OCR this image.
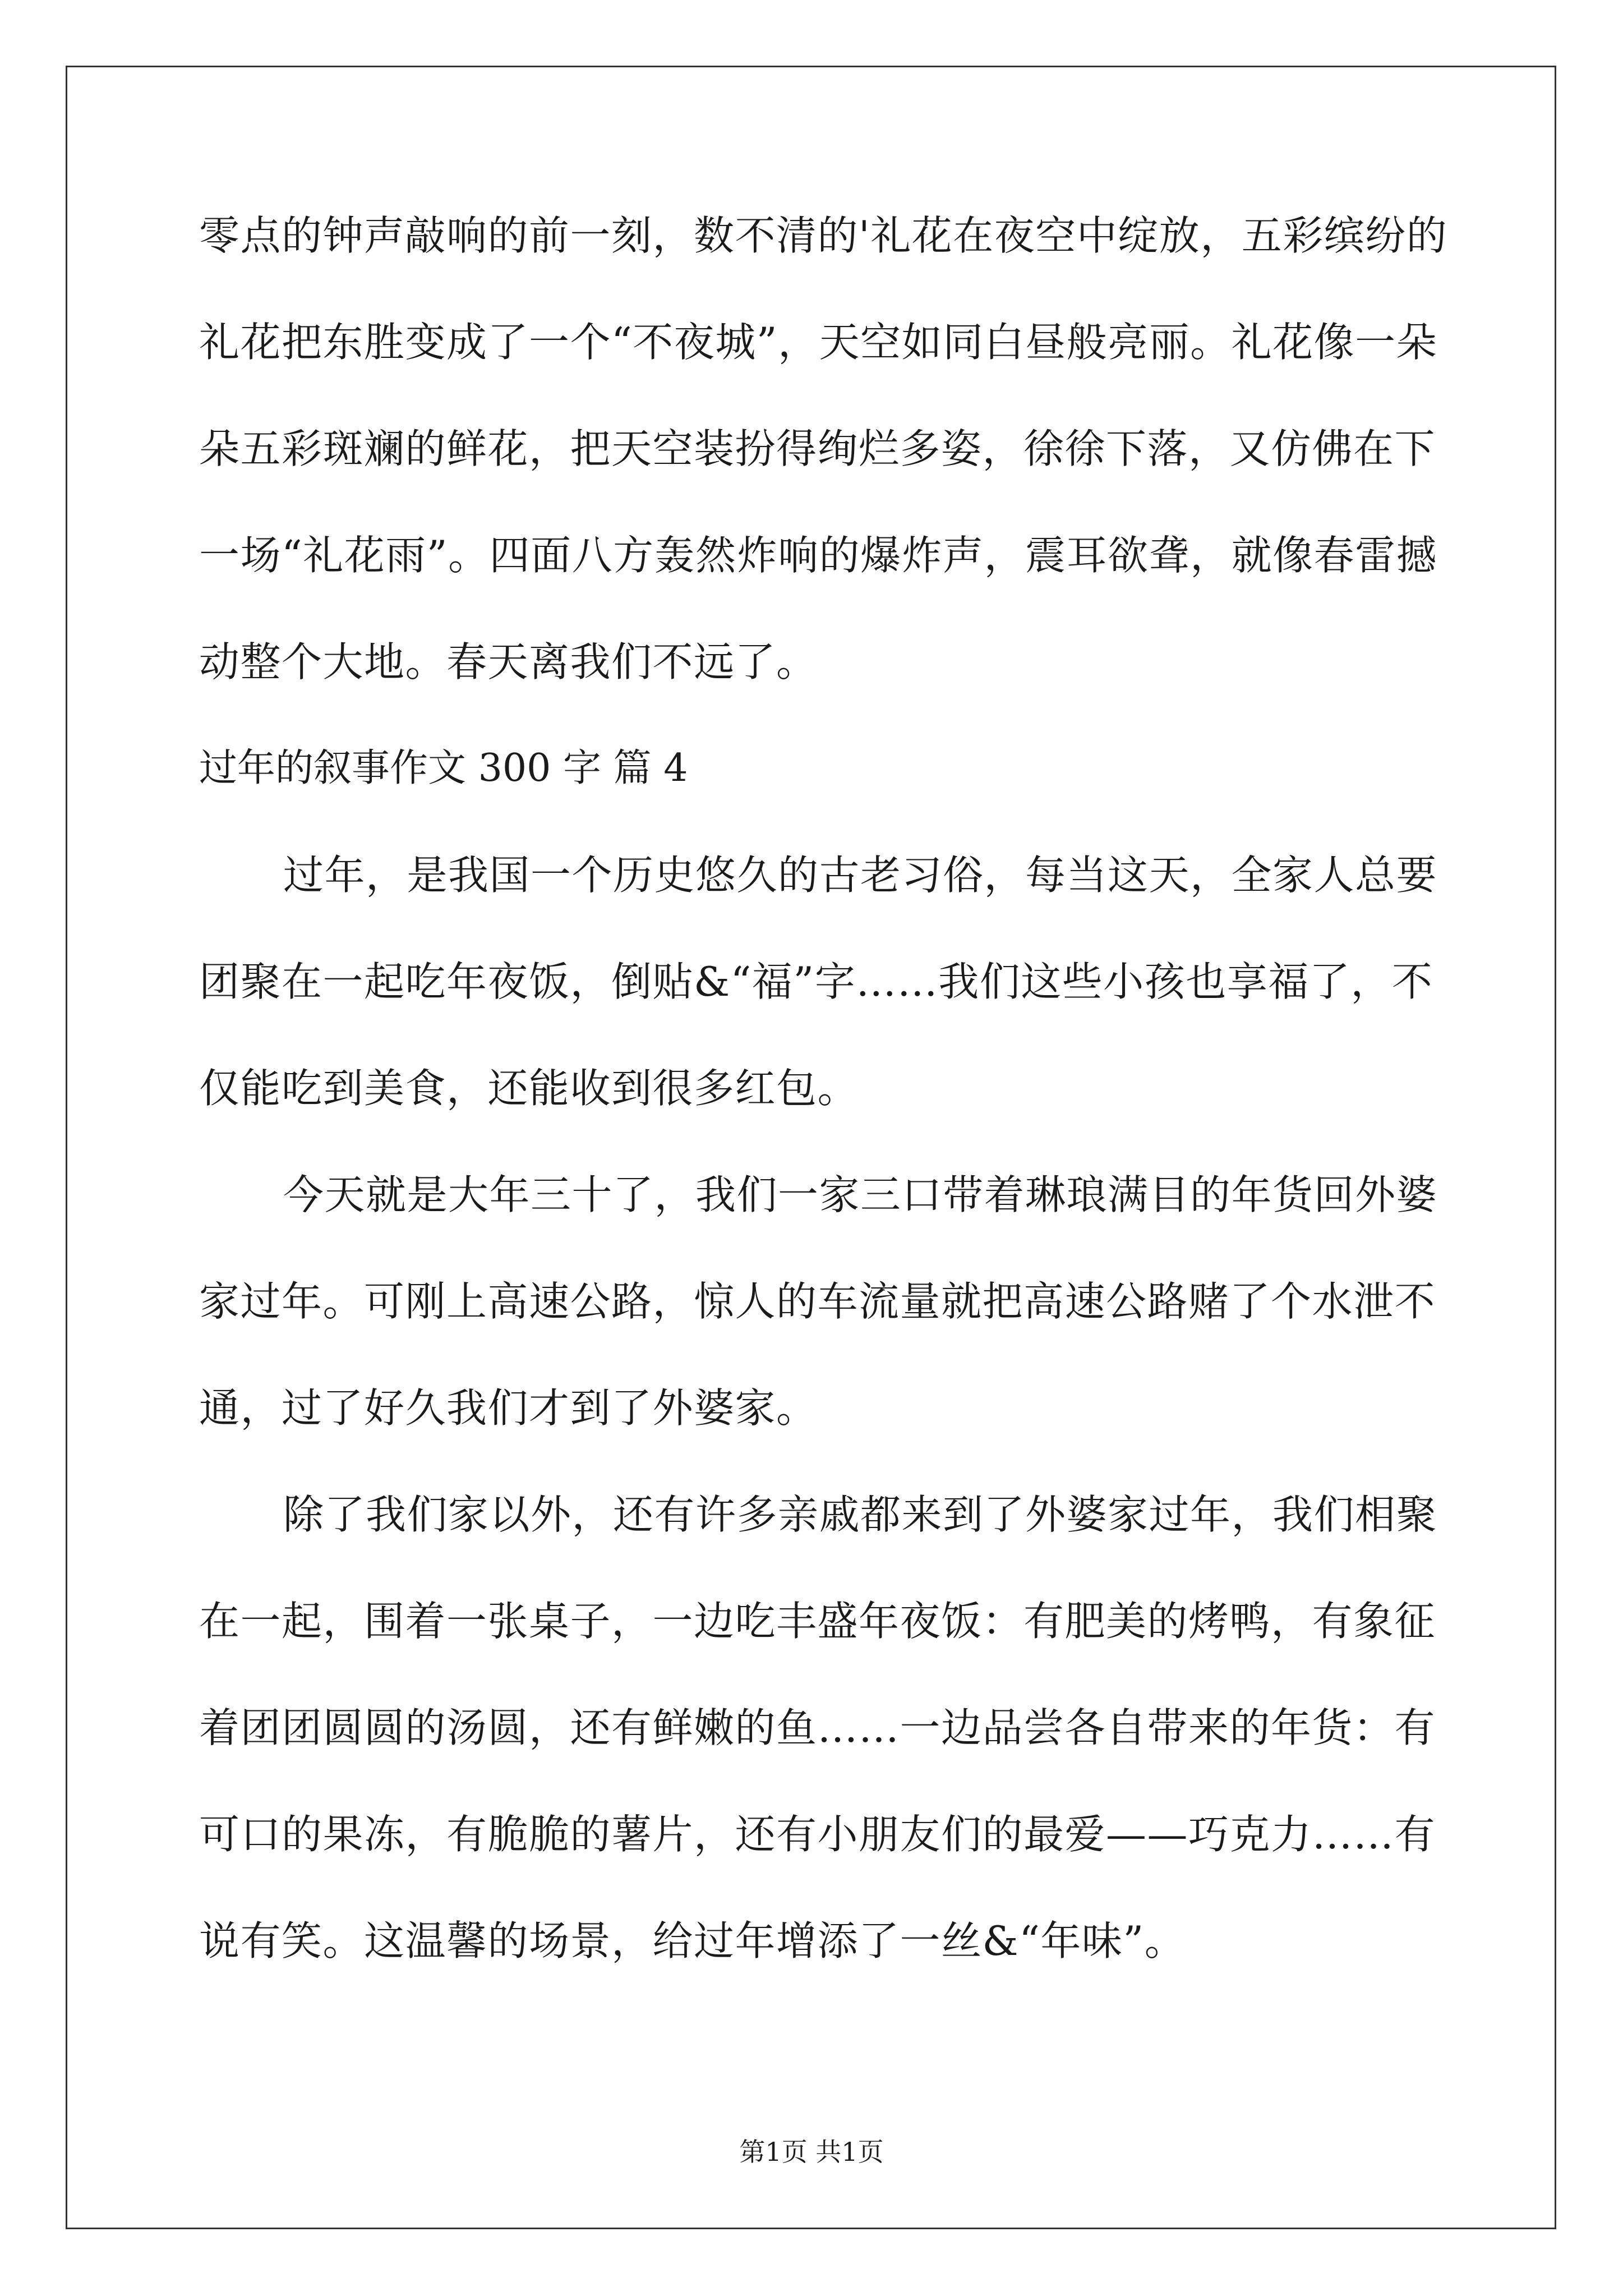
零点的钟声敲响的前一刻，数不清的'礼花在夜空中绽放，五彩缤纷的
礼花把东胜变成了一个“不夜城”，天空如同白昼般亮丽。礼花像一朵
朵五彩斑斓的鲜花，把天空装扮得绚烂多姿，徐徐下落，又仿佛在下
一场“礼花雨”。四面八方轰然炸响的爆炸声，震耳欲聋，就像春雷撼
动整个大地。春天离我们不远了。
过年的叙事作文 300 字 篇 4
过年，是我国一个历史悠久的古老习俗，每当这天，全家人总要
团聚在一起吃年夜饭，倒贴&“福”字……我们这些小孩也享福了，不
仅能吃到美食，还能收到很多红包。
今天就是大年三十了，我们一家三口带着琳琅满目的年货回外婆
家过年。可刚上高速公路，惊人的车流量就把高速公路赌了个水泄不
通，过了好久我们才到了外婆家。
除了我们家以外，还有许多亲戚都来到了外婆家过年，我们相聚
在一起，围着一张桌子，一边吃丰盛年夜饭：有肥美的烤鸭，有象征
着团团圆圆的汤圆，还有鲜嫩的鱼……一边品尝各自带来的年货：有
可口的果冻，有脆脆的薯片，还有小朋友们的最爱——巧克力……有
说有笑。这温馨的场景，给过年增添了一丝&“年味”。
第1页 共1页
